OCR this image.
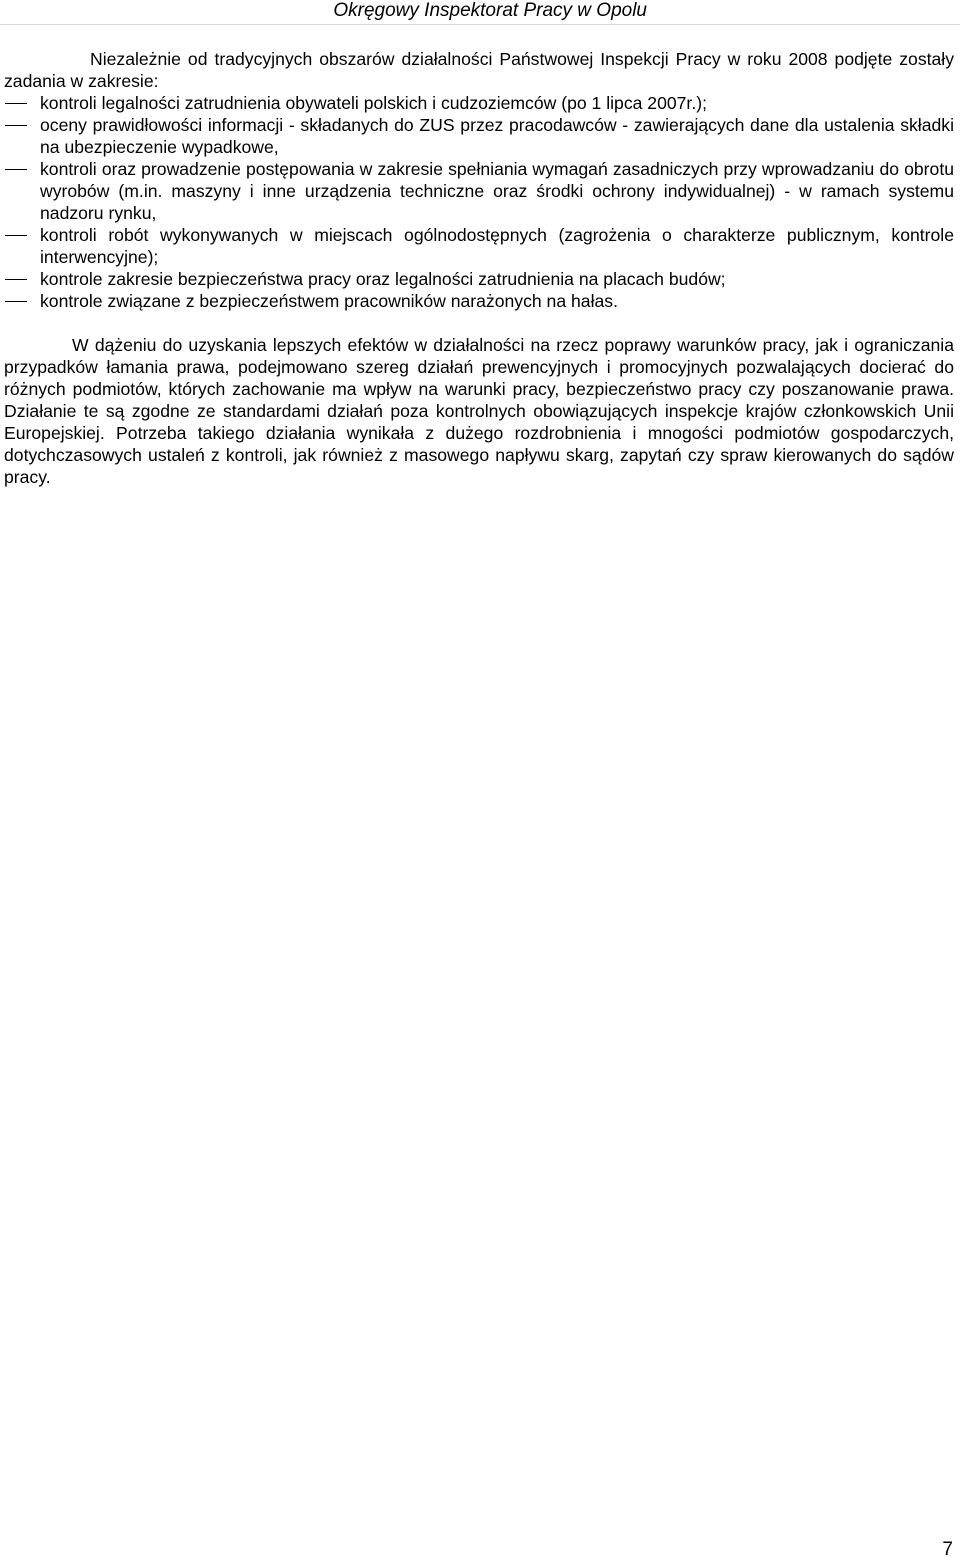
Okręgowy Inspektorat Pracy w Opolu

Niezależnie od tradycyjnych obszarów działalności Państwowej Inspekcji Pracy w roku 2008 podjęte zostały zadania w zakresie:

kontroli legalności zatrudnienia obywateli polskich i cudzoziemców (po 1 lipca 2007r.);
oceny prawidłowości informacji - składanych do ZUS przez pracodawców - zawierających dane dla ustalenia składki na ubezpieczenie wypadkowe,
kontroli oraz prowadzenie postępowania w zakresie spełniania wymagań zasadniczych przy wprowadzaniu do obrotu wyrobów (m.in. maszyny i inne urządzenia techniczne oraz środki ochrony indywidualnej) - w ramach systemu nadzoru rynku,
kontroli robót wykonywanych w miejscach ogólnodostępnych (zagrożenia o charakterze publicznym, kontrole interwencyjne);
kontrole zakresie bezpieczeństwa pracy oraz legalności zatrudnienia na placach budów;
kontrole związane z bezpieczeństwem pracowników narażonych na hałas.

W dążeniu do uzyskania lepszych efektów w działalności na rzecz poprawy warunków pracy, jak i ograniczania przypadków łamania prawa, podejmowano szereg działań prewencyjnych i promocyjnych pozwalających docierać do różnych podmiotów, których zachowanie ma wpływ na warunki pracy, bezpieczeństwo pracy czy poszanowanie prawa. Działanie te są zgodne ze standardami działań poza kontrolnych obowiązujących inspekcje krajów członkowskich Unii Europejskiej. Potrzeba takiego działania wynikała z dużego rozdrobnienia i mnogości podmiotów gospodarczych, dotychczasowych ustaleń z kontroli, jak również z masowego napływu skarg, zapytań czy spraw kierowanych do sądów pracy.

7
